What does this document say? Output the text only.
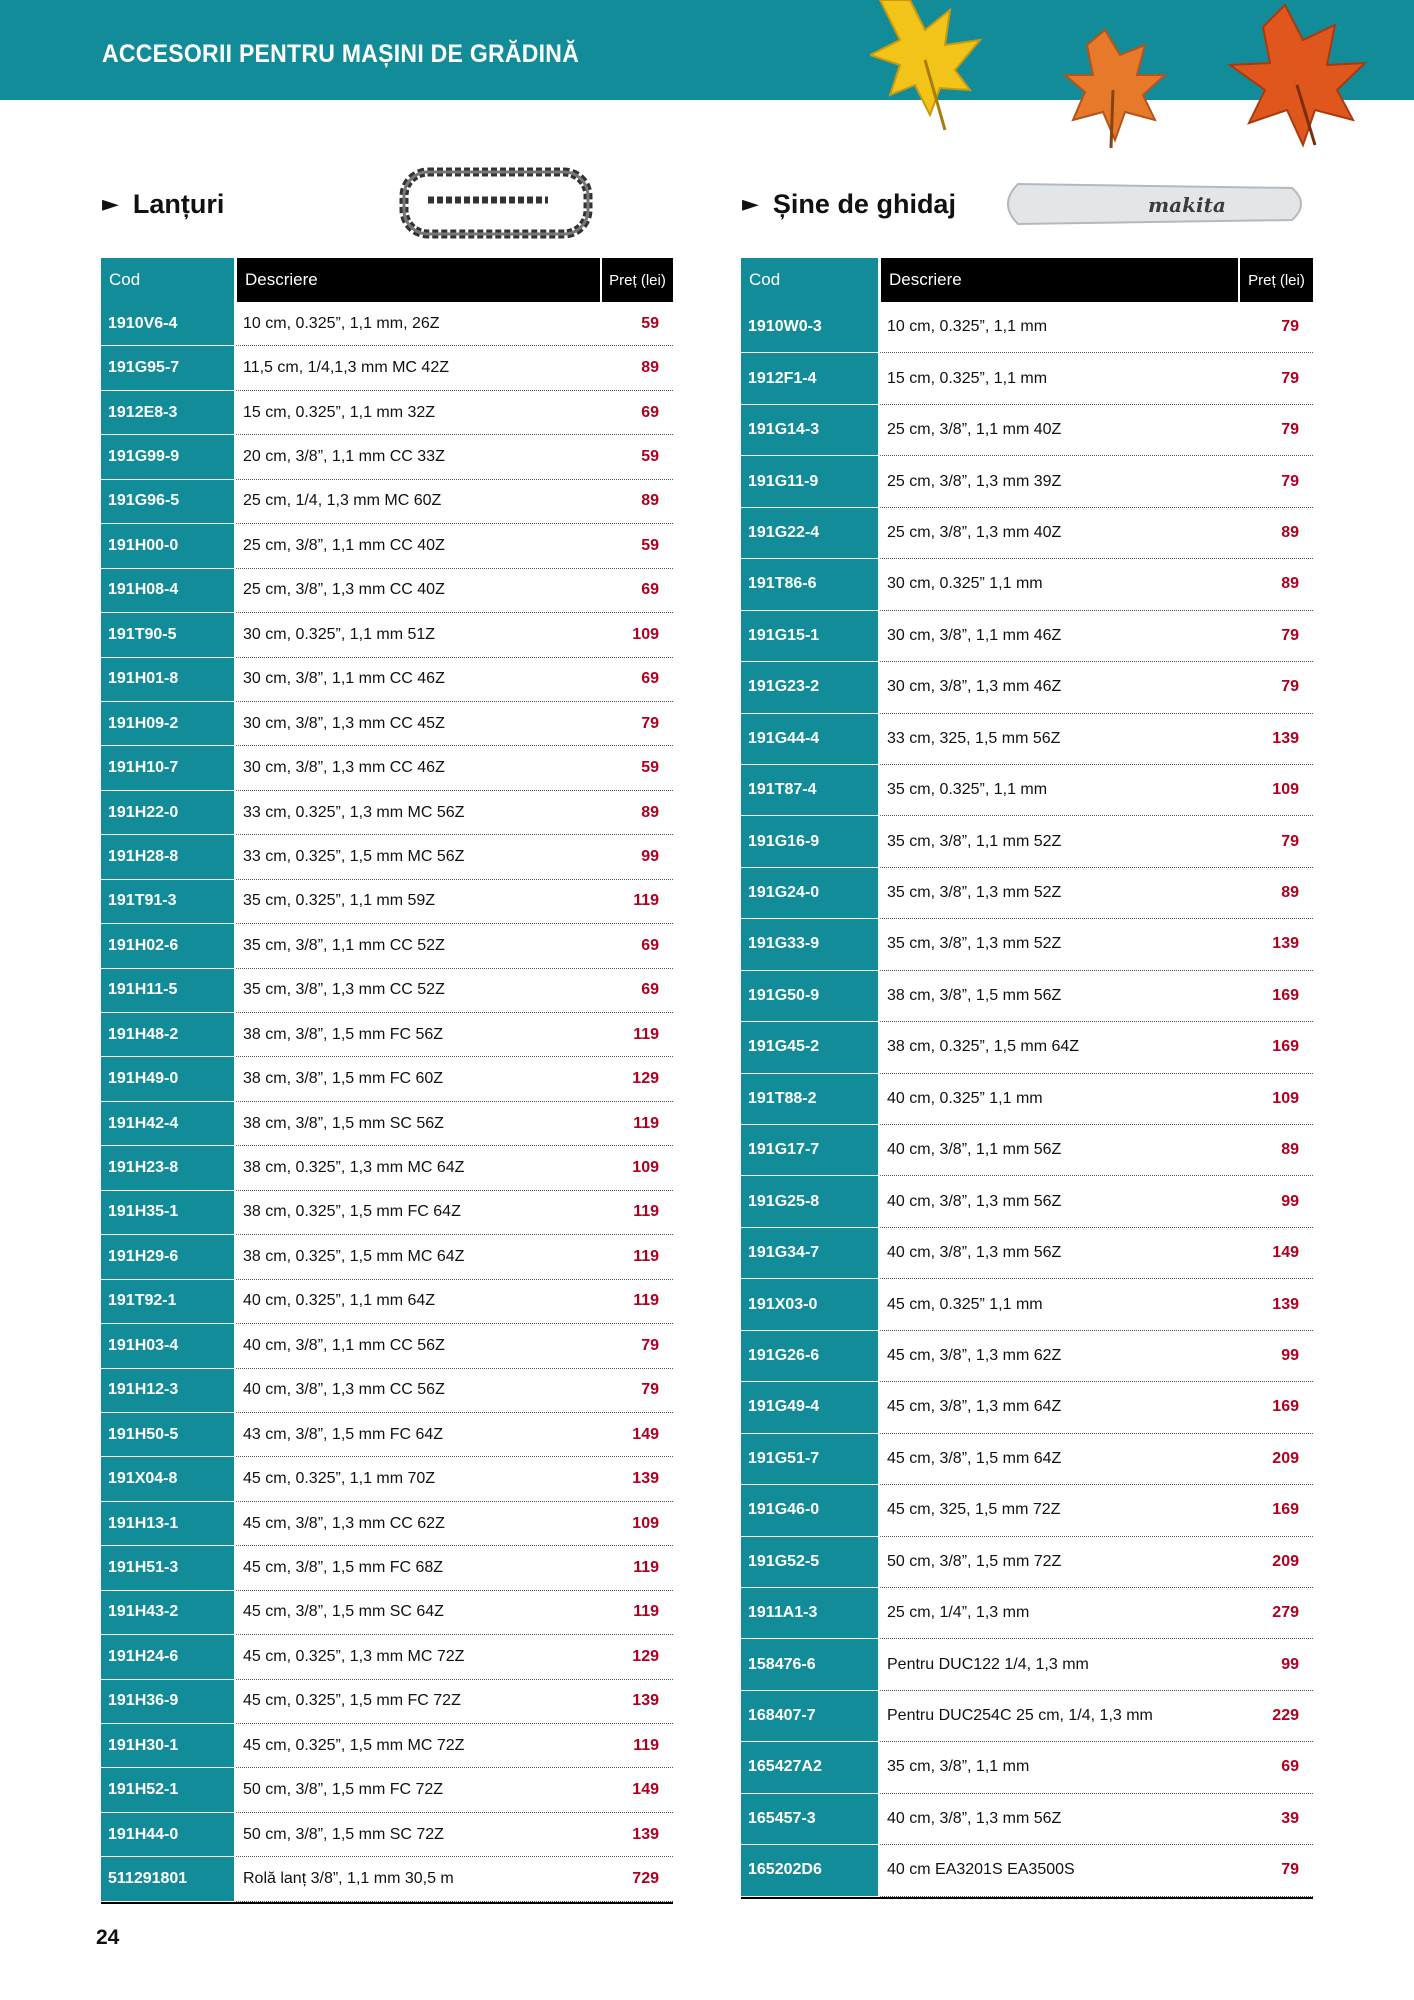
ACCESORII PENTRU MAȘINI DE GRĂDINĂ
► Lanțuri	► Șine de ghidaj	makita
Cod	Descriere	Preț (lei)
1910V6-4	10 cm, 0.325”, 1,1 mm, 26Z	59
191G95-7	11,5 cm, 1/4,1,3 mm MC 42Z	89
1912E8-3	15 cm, 0.325”, 1,1 mm 32Z	69
191G99-9	20 cm, 3/8”, 1,1 mm CC 33Z	59
191G96-5	25 cm, 1/4, 1,3 mm MC 60Z	89
191H00-0	25 cm, 3/8”, 1,1 mm CC 40Z	59
191H08-4	25 cm, 3/8”, 1,3 mm CC 40Z	69
191T90-5	30 cm, 0.325”, 1,1 mm 51Z	109
191H01-8	30 cm, 3/8”, 1,1 mm CC 46Z	69
191H09-2	30 cm, 3/8”, 1,3 mm CC 45Z	79
191H10-7	30 cm, 3/8”, 1,3 mm CC 46Z	59
191H22-0	33 cm, 0.325”, 1,3 mm MC 56Z	89
191H28-8	33 cm, 0.325”, 1,5 mm MC 56Z	99
191T91-3	35 cm, 0.325”, 1,1 mm 59Z	119
191H02-6	35 cm, 3/8”, 1,1 mm CC 52Z	69
191H11-5	35 cm, 3/8”, 1,3 mm CC 52Z	69
191H48-2	38 cm, 3/8”, 1,5 mm FC 56Z	119
191H49-0	38 cm, 3/8”, 1,5 mm FC 60Z	129
191H42-4	38 cm, 3/8”, 1,5 mm SC 56Z	119
191H23-8	38 cm, 0.325”, 1,3 mm MC 64Z	109
191H35-1	38 cm, 0.325”, 1,5 mm FC 64Z	119
191H29-6	38 cm, 0.325”, 1,5 mm MC 64Z	119
191T92-1	40 cm, 0.325”, 1,1 mm 64Z	119
191H03-4	40 cm, 3/8”, 1,1 mm CC 56Z	79
191H12-3	40 cm, 3/8”, 1,3 mm CC 56Z	79
191H50-5	43 cm, 3/8”, 1,5 mm FC 64Z	149
191X04-8	45 cm, 0.325”, 1,1 mm 70Z	139
191H13-1	45 cm, 3/8”, 1,3 mm CC 62Z	109
191H51-3	45 cm, 3/8”, 1,5 mm FC 68Z	119
191H43-2	45 cm, 3/8”, 1,5 mm SC 64Z	119
191H24-6	45 cm, 0.325”, 1,3 mm MC 72Z	129
191H36-9	45 cm, 0.325”, 1,5 mm FC 72Z	139
191H30-1	45 cm, 0.325”, 1,5 mm MC 72Z	119
191H52-1	50 cm, 3/8”, 1,5 mm FC 72Z	149
191H44-0	50 cm, 3/8”, 1,5 mm SC 72Z	139
511291801	Rolă lanț 3/8”, 1,1 mm 30,5 m	729
Cod	Descriere	Preț (lei)
1910W0-3	10 cm, 0.325”, 1,1 mm	79
1912F1-4	15 cm, 0.325”, 1,1 mm	79
191G14-3	25 cm, 3/8”, 1,1 mm 40Z	79
191G11-9	25 cm, 3/8”, 1,3 mm 39Z	79
191G22-4	25 cm, 3/8”, 1,3 mm 40Z	89
191T86-6	30 cm, 0.325” 1,1 mm	89
191G15-1	30 cm, 3/8”, 1,1 mm 46Z	79
191G23-2	30 cm, 3/8”, 1,3 mm 46Z	79
191G44-4	33 cm, 325, 1,5 mm 56Z	139
191T87-4	35 cm, 0.325”, 1,1 mm	109
191G16-9	35 cm, 3/8”, 1,1 mm 52Z	79
191G24-0	35 cm, 3/8”, 1,3 mm 52Z	89
191G33-9	35 cm, 3/8”, 1,3 mm 52Z	139
191G50-9	38 cm, 3/8”, 1,5 mm 56Z	169
191G45-2	38 cm, 0.325”, 1,5 mm 64Z	169
191T88-2	40 cm, 0.325” 1,1 mm	109
191G17-7	40 cm, 3/8”, 1,1 mm 56Z	89
191G25-8	40 cm, 3/8”, 1,3 mm 56Z	99
191G34-7	40 cm, 3/8”, 1,3 mm 56Z	149
191X03-0	45 cm, 0.325” 1,1 mm	139
191G26-6	45 cm, 3/8”, 1,3 mm 62Z	99
191G49-4	45 cm, 3/8”, 1,3 mm 64Z	169
191G51-7	45 cm, 3/8”, 1,5 mm 64Z	209
191G46-0	45 cm, 325, 1,5 mm 72Z	169
191G52-5	50 cm, 3/8”, 1,5 mm 72Z	209
1911A1-3	25 cm, 1/4”, 1,3 mm	279
158476-6	Pentru DUC122 1/4, 1,3 mm	99
168407-7	Pentru DUC254C 25 cm, 1/4, 1,3 mm	229
165427A2	35 cm, 3/8”, 1,1 mm	69
165457-3	40 cm, 3/8”, 1,3 mm 56Z	39
165202D6	40 cm EA3201S EA3500S	79
24
